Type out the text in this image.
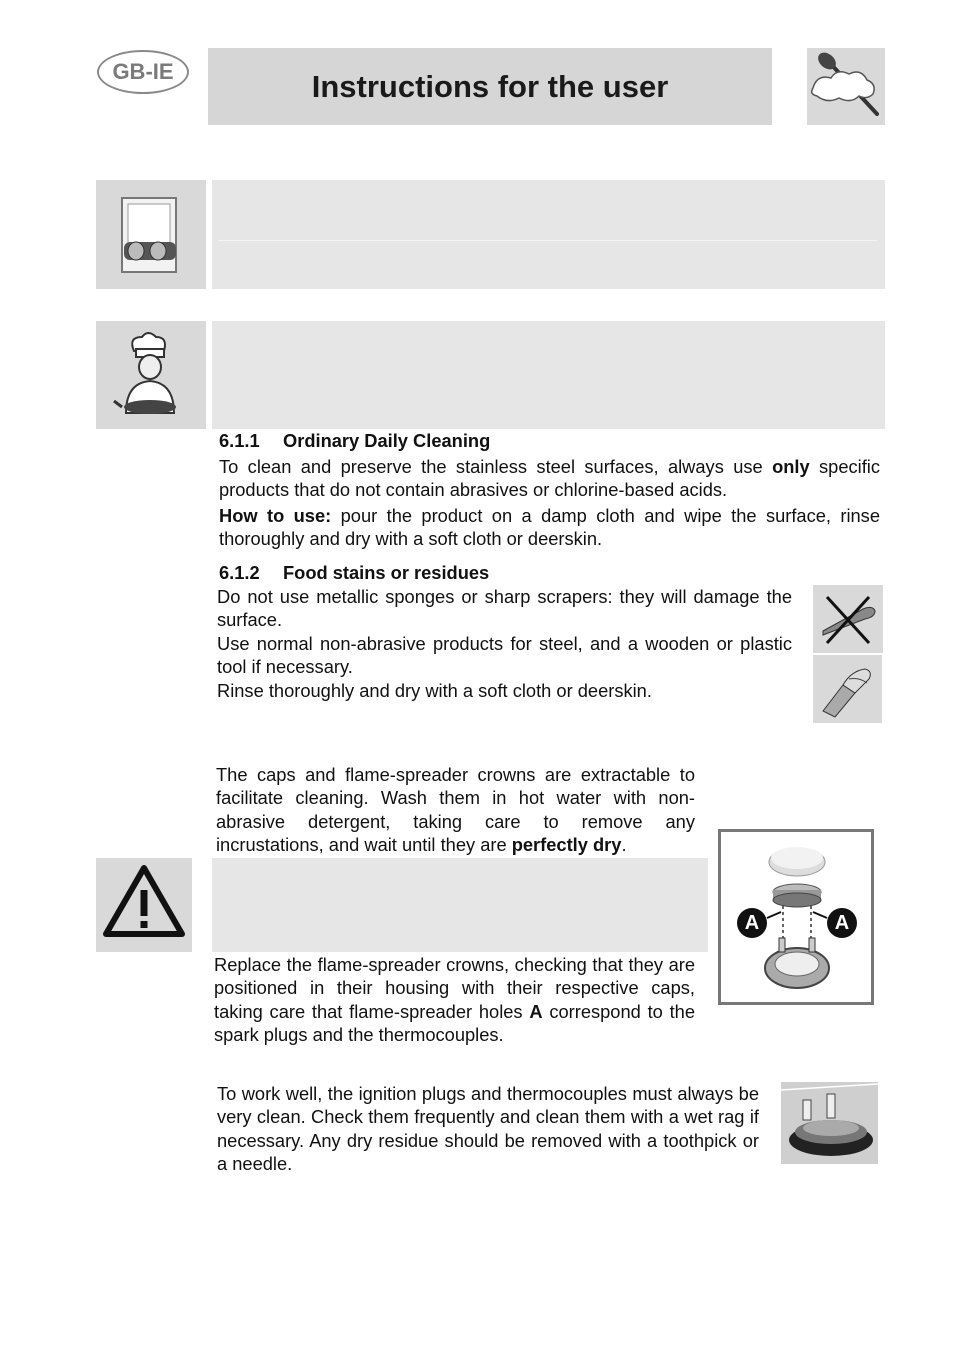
GB-IE	Instructions for the user
6.1.1 Ordinary Daily Cleaning

To clean and preserve the stainless steel surfaces, always use only specific products that do not contain abrasives or chlorine-based acids.

How to use: pour the product on a damp cloth and wipe the surface, rinse thoroughly and dry with a soft cloth or deerskin.

6.1.2 Food stains or residues

Do not use metallic sponges or sharp scrapers: they will damage the surface.

Use normal non-abrasive products for steel, and a wooden or plastic tool if necessary.

Rinse thoroughly and dry with a soft cloth or deerskin.

The caps and flame-spreader crowns are extractable to facilitate cleaning. Wash them in hot water with non-abrasive detergent, taking care to remove any incrustations, and wait until they are perfectly dry.

A	A

Replace the flame-spreader crowns, checking that they are positioned in their housing with their respective caps, taking care that flame-spreader holes A correspond to the spark plugs and the thermocouples.

To work well, the ignition plugs and thermocouples must always be very clean. Check them frequently and clean them with a wet rag if necessary. Any dry residue should be removed with a toothpick or a needle.
